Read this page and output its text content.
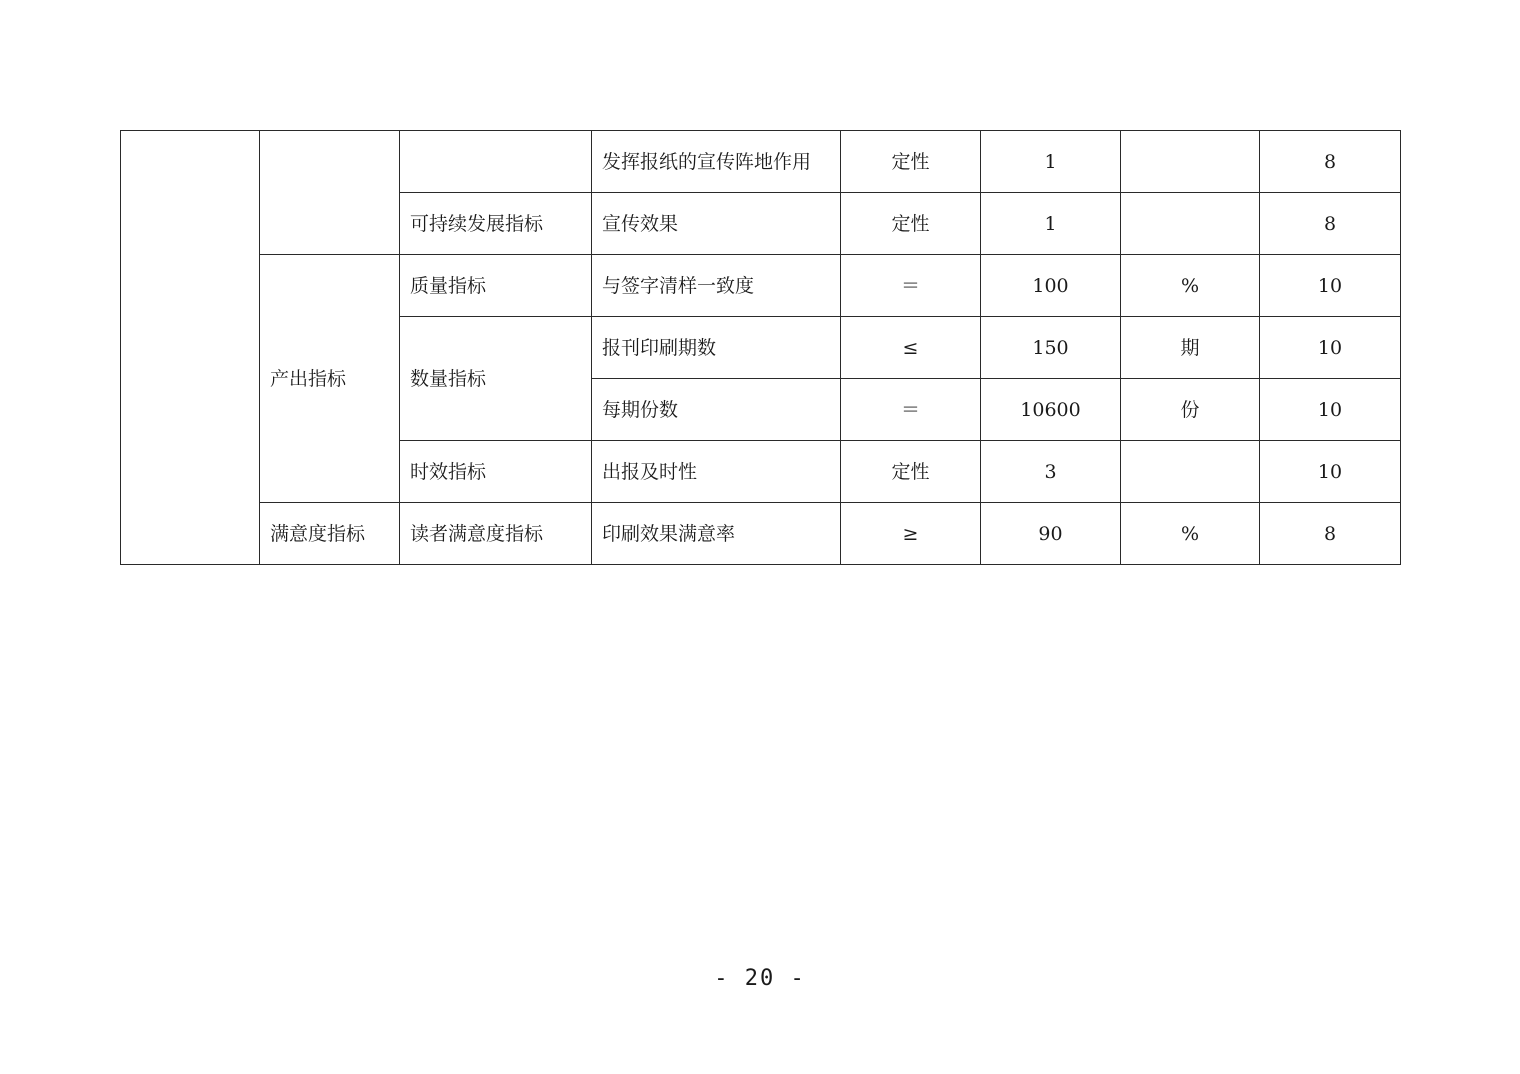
			发挥报纸的宣传阵地作用	定性	1		8
		可持续发展指标	宣传效果	定性	1		8
	产出指标	质量指标	与签字清样一致度	＝	100	%	10
		数量指标	报刊印刷期数	≤	150	期	10
			每期份数	＝	10600	份	10
		时效指标	出报及时性	定性	3		10
	满意度指标	读者满意度指标	印刷效果满意率	≥	90	%	8
- 20 -
